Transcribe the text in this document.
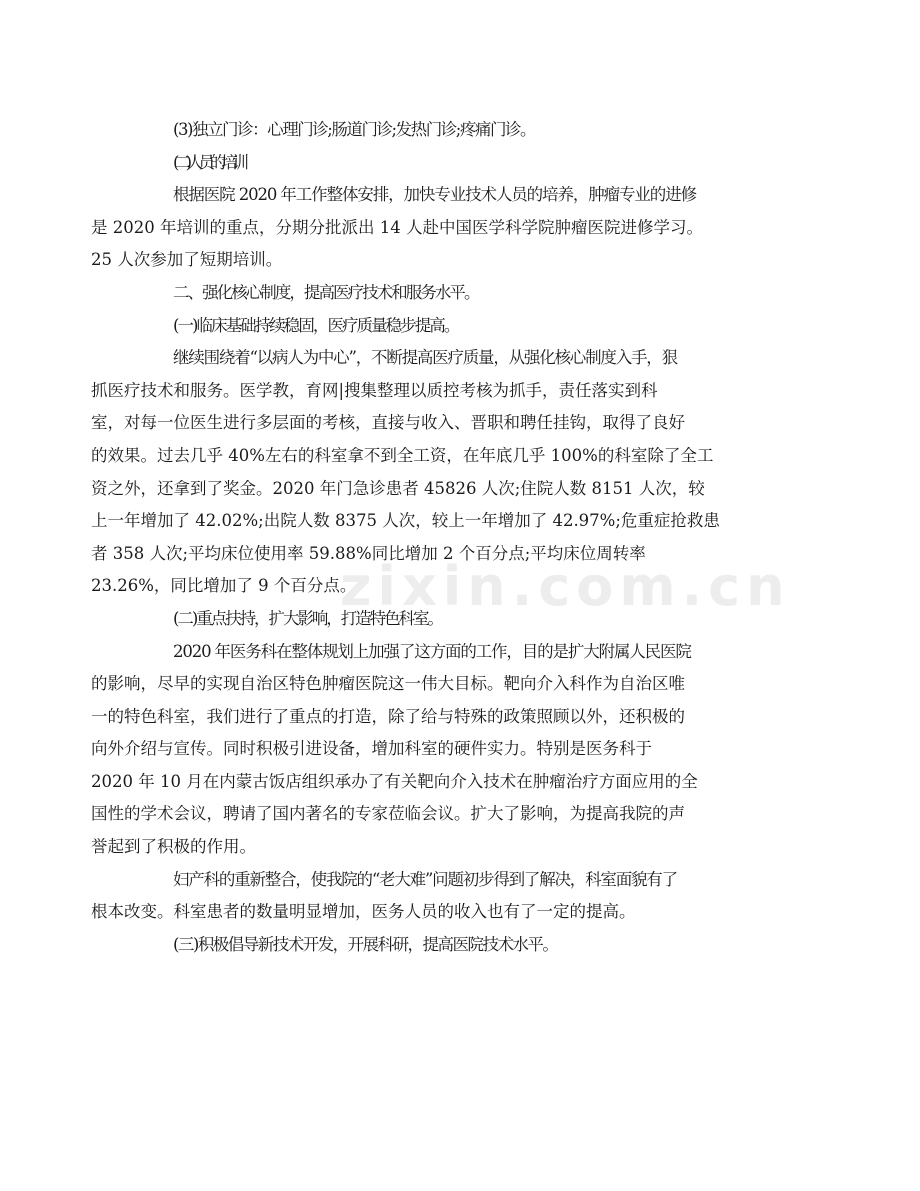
zixin.com.cn
(3)独立门诊：心理门诊;肠道门诊;发热门诊;疼痛门诊。
(二)人员的培训
根据医院 2020 年工作整体安排，加快专业技术人员的培养，肿瘤专业的进修
是 2020 年培训的重点，分期分批派出 14 人赴中国医学科学院肿瘤医院进修学习。
25 人次参加了短期培训。
二、强化核心制度，提高医疗技术和服务水平。
(一)临床基础持续稳固，医疗质量稳步提高。
继续围绕着“以病人为中心”，不断提高医疗质量，从强化核心制度入手，狠
抓医疗技术和服务。医学教，育网|搜集整理以质控考核为抓手，责任落实到科
室，对每一位医生进行多层面的考核，直接与收入、晋职和聘任挂钩，取得了良好
的效果。过去几乎 40%左右的科室拿不到全工资，在年底几乎 100%的科室除了全工
资之外，还拿到了奖金。2020 年门急诊患者 45826 人次;住院人数 8151 人次，较
上一年增加了 42.02%;出院人数 8375 人次，较上一年增加了 42.97%;危重症抢救患
者 358 人次;平均床位使用率 59.88%同比增加 2 个百分点;平均床位周转率
23.26%，同比增加了 9 个百分点。
(二)重点扶持，扩大影响，打造特色科室。
2020 年医务科在整体规划上加强了这方面的工作，目的是扩大附属人民医院
的影响，尽早的实现自治区特色肿瘤医院这一伟大目标。靶向介入科作为自治区唯
一的特色科室，我们进行了重点的打造，除了给与特殊的政策照顾以外，还积极的
向外介绍与宣传。同时积极引进设备，增加科室的硬件实力。特别是医务科于
2020 年 10 月在内蒙古饭店组织承办了有关靶向介入技术在肿瘤治疗方面应用的全
国性的学术会议，聘请了国内著名的专家莅临会议。扩大了影响，为提高我院的声
誉起到了积极的作用。
妇产科的重新整合，使我院的“老大难”问题初步得到了解决，科室面貌有了
根本改变。科室患者的数量明显增加，医务人员的收入也有了一定的提高。
(三)积极倡导新技术开发，开展科研，提高医院技术水平。
